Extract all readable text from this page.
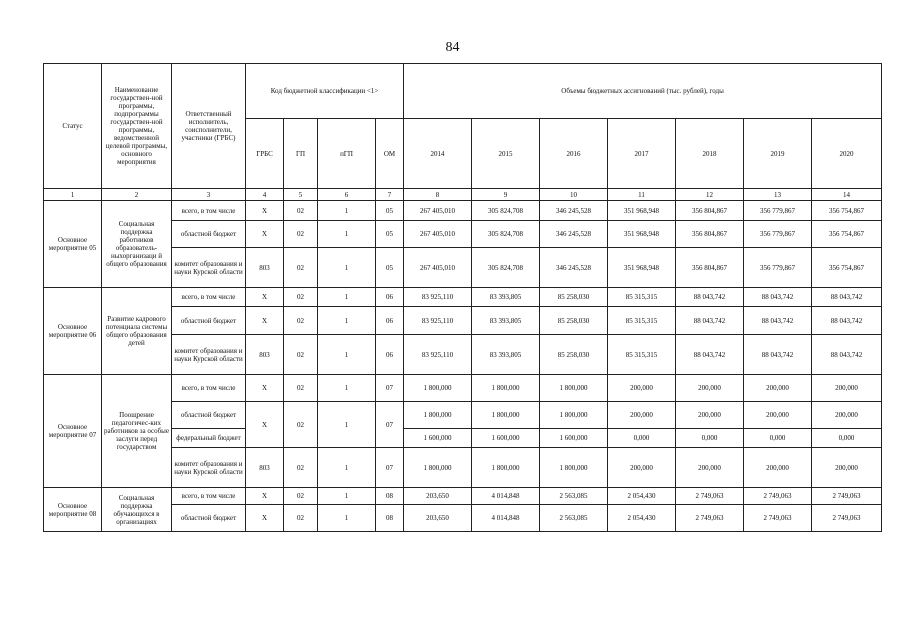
84
Статус	Наименование государствен-ной программы, подпрограммы государствен-ной программы, ведомственной целевой программы, основного мероприятия	Ответственный исполнитель, соисполнители, участники (ГРБС)	Код бюджетной классификации <1>				Объемы бюджетных ассигнований (тыс. рублей), годы						
			ГРБС	ГП	пГП	ОМ	2014	2015	2016	2017	2018	2019	2020
1	2	3	4	5	6	7	8	9	10	11	12	13	14
Основное мероприятие 05	Социальная поддержка работников образователь-ныхорганизаци й общего образования	всего, в том числе	X	02	1	05	267 405,010	305 824,708	346 245,528	351 968,948	356 804,867	356 779,867	356 754,867
		областной бюджет	X	02	1	05	267 405,010	305 824,708	346 245,528	351 968,948	356 804,867	356 779,867	356 754,867
		комитет образования и науки Курской области	803	02	1	05	267 405,010	305 824,708	346 245,528	351 968,948	356 804,867	356 779,867	356 754,867
Основное мероприятие 06	Развитие кадрового потенциала системы общего образования детей	всего, в том числе	X	02	1	06	83 925,110	83 393,805	85 258,030	85 315,315	88 043,742	88 043,742	88 043,742
		областной бюджет	X	02	1	06	83 925,110	83 393,805	85 258,030	85 315,315	88 043,742	88 043,742	88 043,742
		комитет образования и науки Курской области	803	02	1	06	83 925,110	83 393,805	85 258,030	85 315,315	88 043,742	88 043,742	88 043,742
Основное мероприятие 07	Поощрение педагогичес-ких работников за особые заслуги перед государством	всего, в том числе	X	02	1	07	1 800,000	1 800,000	1 800,000	200,000	200,000	200,000	200,000
		областной бюджет	X	02	1	07	1 800,000	1 800,000	1 800,000	200,000	200,000	200,000	200,000
		федеральный бюджет					1 600,000	1 600,000	1 600,000	0,000	0,000	0,000	0,000
		комитет образования и науки Курской области	803	02	1	07	1 800,000	1 800,000	1 800,000	200,000	200,000	200,000	200,000
Основное мероприятие 08	Социальная поддержка обучающихся в организациях	всего, в том числе	X	02	1	08	203,650	4 014,848	2 563,085	2 054,430	2 749,063	2 749,063	2 749,063
		областной бюджет	X	02	1	08	203,650	4 014,848	2 563,085	2 054,430	2 749,063	2 749,063	2 749,063
